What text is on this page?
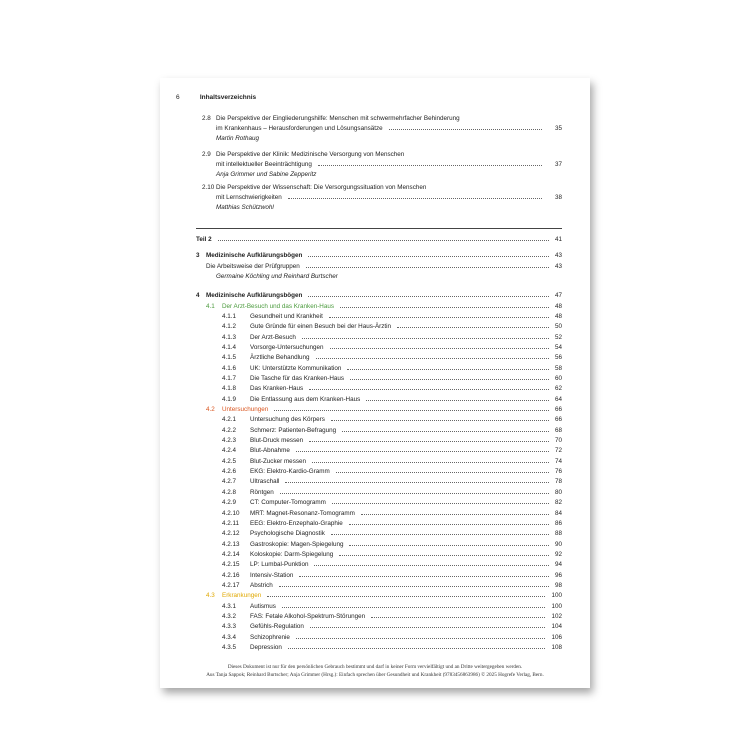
6	Inhaltsverzeichnis
2.8 Die Perspektive der Eingliederungshilfe: Menschen mit schwermehrfacher Behinderung
im Krankenhaus – Herausforderungen und Lösungsansätze	35
Martin Rothaug
2.9 Die Perspektive der Klinik: Medizinische Versorgung von Menschen
mit intellektueller Beeinträchtigung	37
Anja Grimmer und Sabine Zepperitz
2.10 Die Perspektive der Wissenschaft: Die Versorgungssituation von Menschen
mit Lernschwierigkeiten	38
Matthias Schützwohl
Teil 2	41
3 Medizinische Aufklärungsbögen	43
Die Arbeitsweise der Prüfgruppen	43
Germaine Köchling und Reinhard Burtscher
4 Medizinische Aufklärungsbögen	47
4.1 Der Arzt-Besuch und das Kranken-Haus	48
4.1.1 Gesundheit und Krankheit	48
4.1.2 Gute Gründe für einen Besuch bei der Haus-Ärztin	50
4.1.3 Der Arzt-Besuch	52
4.1.4 Vorsorge-Untersuchungen	54
4.1.5 Ärztliche Behandlung	56
4.1.6 UK: Unterstützte Kommunikation	58
4.1.7 Die Tasche für das Kranken-Haus	60
4.1.8 Das Kranken-Haus	62
4.1.9 Die Entlassung aus dem Kranken-Haus	64
4.2 Untersuchungen	66
4.2.1 Untersuchung des Körpers	66
4.2.2 Schmerz: Patienten-Befragung	68
4.2.3 Blut-Druck messen	70
4.2.4 Blut-Abnahme	72
4.2.5 Blut-Zucker messen	74
4.2.6 EKG: Elektro-Kardio-Gramm	76
4.2.7 Ultraschall	78
4.2.8 Röntgen	80
4.2.9 CT: Computer-Tomogramm	82
4.2.10 MRT: Magnet-Resonanz-Tomogramm	84
4.2.11 EEG: Elektro-Enzephalo-Graphie	86
4.2.12 Psychologische Diagnostik	88
4.2.13 Gastroskopie: Magen-Spiegelung	90
4.2.14 Koloskopie: Darm-Spiegelung	92
4.2.15 LP: Lumbal-Punktion	94
4.2.16 Intensiv-Station	96
4.2.17 Abstrich	98
4.3 Erkrankungen	100
4.3.1 Autismus	100
4.3.2 FAS: Fetale Alkohol-Spektrum-Störungen	102
4.3.3 Gefühls-Regulation	104
4.3.4 Schizophrenie	106
4.3.5 Depression	108
Dieses Dokument ist nur für den persönlichen Gebrauch bestimmt und darf in keiner Form vervielfältigt und an Dritte weitergegeben werden.
Aus Tanja Sappok; Reinhard Burtscher; Anja Grimmer (Hrsg.): Einfach sprechen über Gesundheit und Krankheit (9783456863986) © 2025 Hogrefe Verlag, Bern.
